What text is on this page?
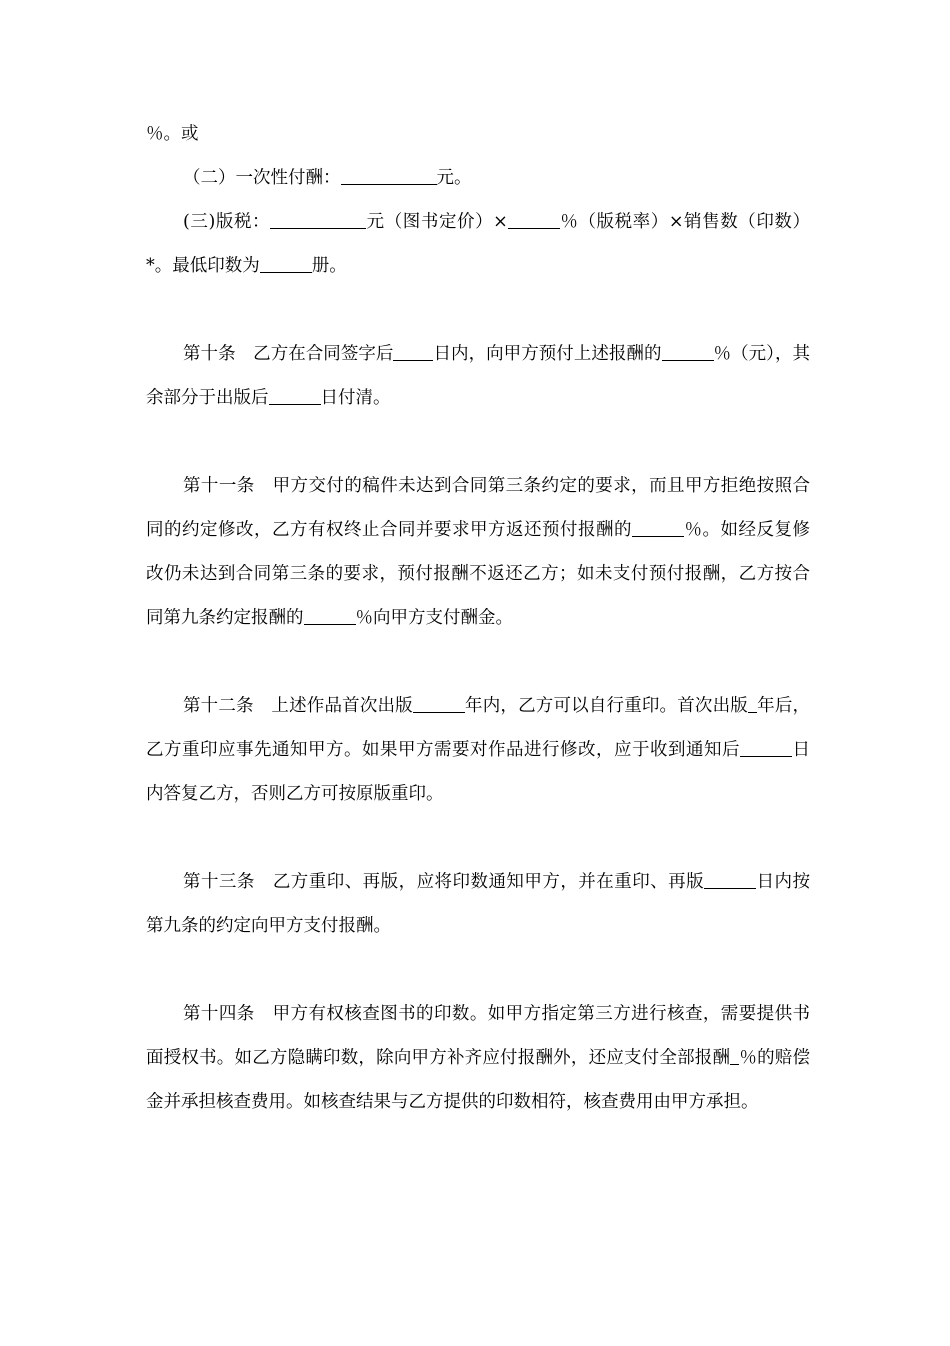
％。或

（二）一次性付酬：	元。

(三)版税：	元（图书定价）×	％（版税率）×销售数（印数）*。最低印数为	册。

第十条　乙方在合同签字后 日内，向甲方预付上述报酬的	％（元），其余部分于出版后	日付清。

第十一条　甲方交付的稿件未达到合同第三条约定的要求，而且甲方拒绝按照合同的约定修改，乙方有权终止合同并要求甲方返还预付报酬的	％。如经反复修改仍未达到合同第三条的要求，预付报酬不返还乙方；如未支付预付报酬，乙方按合同第九条约定报酬的	％向甲方支付酬金。

第十二条　上述作品首次出版	年内，乙方可以自行重印。首次出版 年后，乙方重印应事先通知甲方。如果甲方需要对作品进行修改，应于收到通知后	日内答复乙方，否则乙方可按原版重印。

第十三条　乙方重印、再版，应将印数通知甲方，并在重印、再版	日内按第九条的约定向甲方支付报酬。

第十四条　甲方有权核查图书的印数。如甲方指定第三方进行核查，需要提供书面授权书。如乙方隐瞒印数，除向甲方补齐应付报酬外，还应支付全部报酬 ％的赔偿金并承担核查费用。如核查结果与乙方提供的印数相符，核查费用由甲方承担。
